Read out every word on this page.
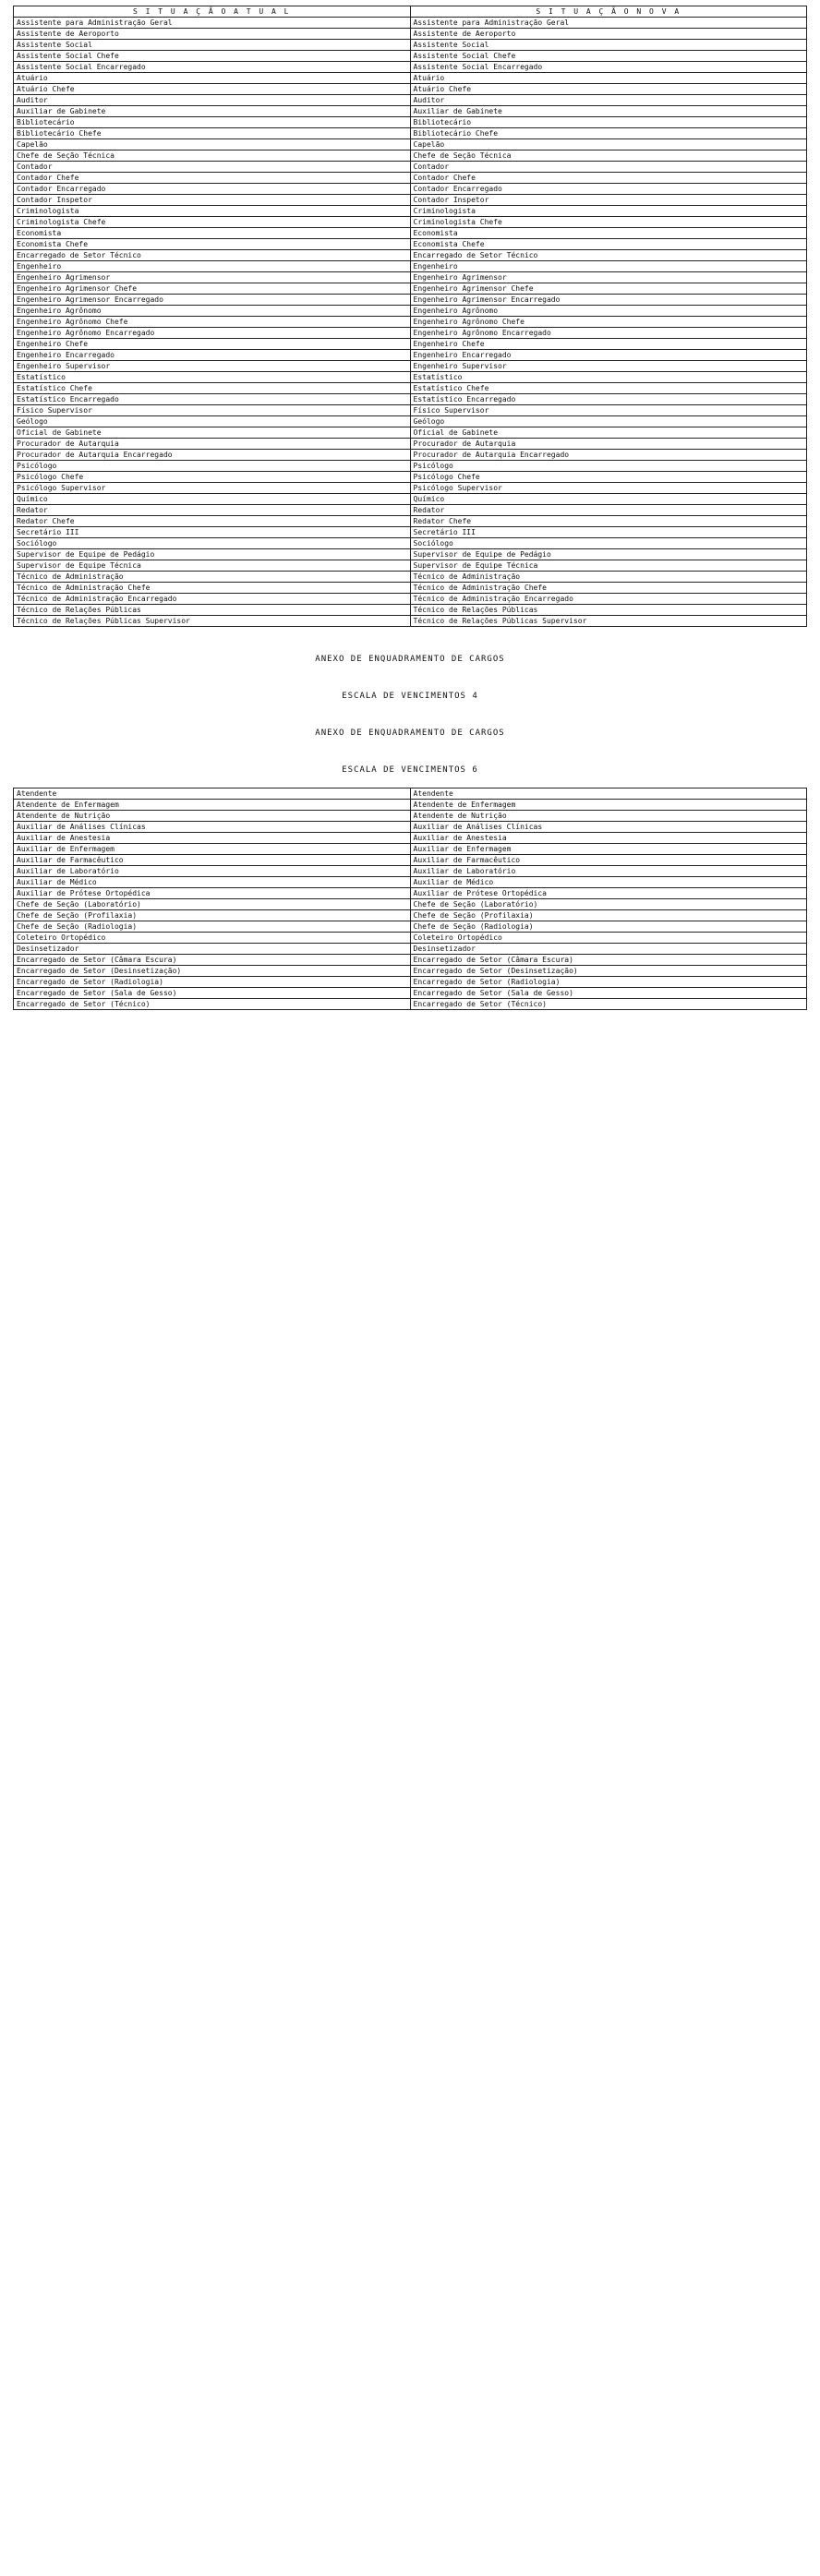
S I T U A Ç Ã O A T U A L	S I T U A Ç Ã O N O V A
Assistente para Administração Geral	Assistente para Administração Geral
Assistente de Aeroporto	Assistente de Aeroporto
Assistente Social	Assistente Social
Assistente Social Chefe	Assistente Social Chefe
Assistente Social Encarregado	Assistente Social Encarregado
Atuário	Atuário
Atuário Chefe	Atuário Chefe
Auditor	Auditor
Auxiliar de Gabinete	Auxiliar de Gabinete
Bibliotecário	Bibliotecário
Bibliotecário Chefe	Bibliotecário Chefe
Capelão	Capelão
Chefe de Seção Técnica	Chefe de Seção Técnica
Contador	Contador
Contador Chefe	Contador Chefe
Contador Encarregado	Contador Encarregado
Contador Inspetor	Contador Inspetor
Criminologista	Criminologista
Criminologista Chefe	Criminologista Chefe
Economista	Economista
Economista Chefe	Economista Chefe
Encarregado de Setor Técnico	Encarregado de Setor Técnico
Engenheiro	Engenheiro
Engenheiro Agrimensor	Engenheiro Agrimensor
Engenheiro Agrimensor Chefe	Engenheiro Agrimensor Chefe
Engenheiro Agrimensor Encarregado	Engenheiro Agrimensor Encarregado
Engenheiro Agrônomo	Engenheiro Agrônomo
Engenheiro Agrônomo Chefe	Engenheiro Agrônomo Chefe
Engenheiro Agrônomo Encarregado	Engenheiro Agrônomo Encarregado
Engenheiro Chefe	Engenheiro Chefe
Engenheiro Encarregado	Engenheiro Encarregado
Engenheiro Supervisor	Engenheiro Supervisor
Estatístico	Estatístico
Estatístico Chefe	Estatístico Chefe
Estatístico Encarregado	Estatístico Encarregado
Físico Supervisor	Físico Supervisor
Geólogo	Geólogo
Oficial de Gabinete	Oficial de Gabinete
Procurador de Autarquia	Procurador de Autarquia
Procurador de Autarquia Encarregado	Procurador de Autarquia Encarregado
Psicólogo	Psicólogo
Psicólogo Chefe	Psicólogo Chefe
Psicólogo Supervisor	Psicólogo Supervisor
Químico	Químico
Redator	Redator
Redator Chefe	Redator Chefe
Secretário III	Secretário III
Sociólogo	Sociólogo
Supervisor de Equipe de Pedágio	Supervisor de Equipe de Pedágio
Supervisor de Equipe Técnica	Supervisor de Equipe Técnica
Técnico de Administração	Técnico de Administração
Técnico de Administração Chefe	Técnico de Administração Chefe
Técnico de Administração Encarregado	Técnico de Administração Encarregado
Técnico de Relações Públicas	Técnico de Relações Públicas
Técnico de Relações Públicas Supervisor	Técnico de Relações Públicas Supervisor
ANEXO DE ENQUADRAMENTO DE CARGOS
ESCALA DE VENCIMENTOS 4
ANEXO DE ENQUADRAMENTO DE CARGOS
ESCALA DE VENCIMENTOS 6
Atendente	Atendente
Atendente de Enfermagem	Atendente de Enfermagem
Atendente de Nutrição	Atendente de Nutrição
Auxiliar de Análises Clínicas	Auxiliar de Análises Clínicas
Auxiliar de Anestesia	Auxiliar de Anestesia
Auxiliar de Enfermagem	Auxiliar de Enfermagem
Auxiliar de Farmacêutico	Auxiliar de Farmacêutico
Auxiliar de Laboratório	Auxiliar de Laboratório
Auxiliar de Médico	Auxiliar de Médico
Auxiliar de Prótese Ortopédica	Auxiliar de Prótese Ortopédica
Chefe de Seção (Laboratório)	Chefe de Seção (Laboratório)
Chefe de Seção (Profilaxia)	Chefe de Seção (Profilaxia)
Chefe de Seção (Radiologia)	Chefe de Seção (Radiologia)
Coleteiro Ortopédico	Coleteiro Ortopédico
Desinsetizador	Desinsetizador
Encarregado de Setor (Câmara Escura)	Encarregado de Setor (Câmara Escura)
Encarregado de Setor (Desinsetização)	Encarregado de Setor (Desinsetização)
Encarregado de Setor (Radiologia)	Encarregado de Setor (Radiologia)
Encarregado de Setor (Sala de Gesso)	Encarregado de Setor (Sala de Gesso)
Encarregado de Setor (Técnico)	Encarregado de Setor (Técnico)
